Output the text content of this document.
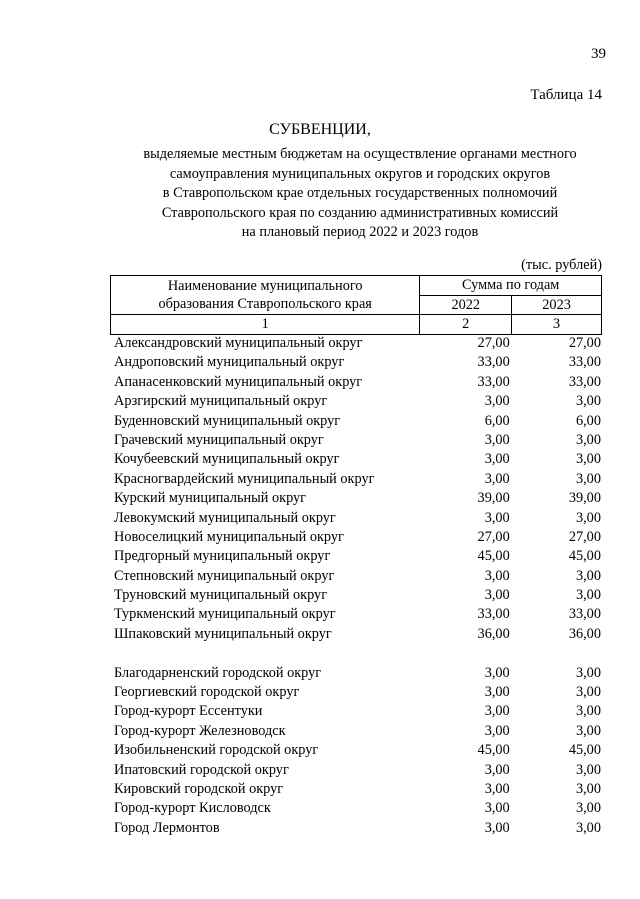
39
Таблица 14
СУБВЕНЦИИ,
выделяемые местным бюджетам на осуществление органами местного
самоуправления муниципальных округов и городских округов
в Ставропольском крае отдельных государственных полномочий
Ставропольского края по созданию административных комиссий
на плановый период 2022 и 2023 годов
(тыс. рублей)
Наименование муниципального
образования Ставропольского края	Сумма по годам	
	2022	2023
1	2	3
Александровский муниципальный округ	27,00	27,00
Андроповский муниципальный округ	33,00	33,00
Апанасенковский муниципальный округ	33,00	33,00
Арзгирский муниципальный округ	3,00	3,00
Буденновский муниципальный округ	6,00	6,00
Грачевский муниципальный округ	3,00	3,00
Кочубеевский муниципальный округ	3,00	3,00
Красногвардейский муниципальный округ	3,00	3,00
Курский муниципальный округ	39,00	39,00
Левокумский муниципальный округ	3,00	3,00
Новоселицкий муниципальный округ	27,00	27,00
Предгорный муниципальный округ	45,00	45,00
Степновский муниципальный округ	3,00	3,00
Труновский муниципальный округ	3,00	3,00
Туркменский муниципальный округ	33,00	33,00
Шпаковский муниципальный округ	36,00	36,00
Благодарненский городской округ	3,00	3,00
Георгиевский городской округ	3,00	3,00
Город-курорт Ессентуки	3,00	3,00
Город-курорт Железноводск	3,00	3,00
Изобильненский городской округ	45,00	45,00
Ипатовский городской округ	3,00	3,00
Кировский городской округ	3,00	3,00
Город-курорт Кисловодск	3,00	3,00
Город Лермонтов	3,00	3,00
